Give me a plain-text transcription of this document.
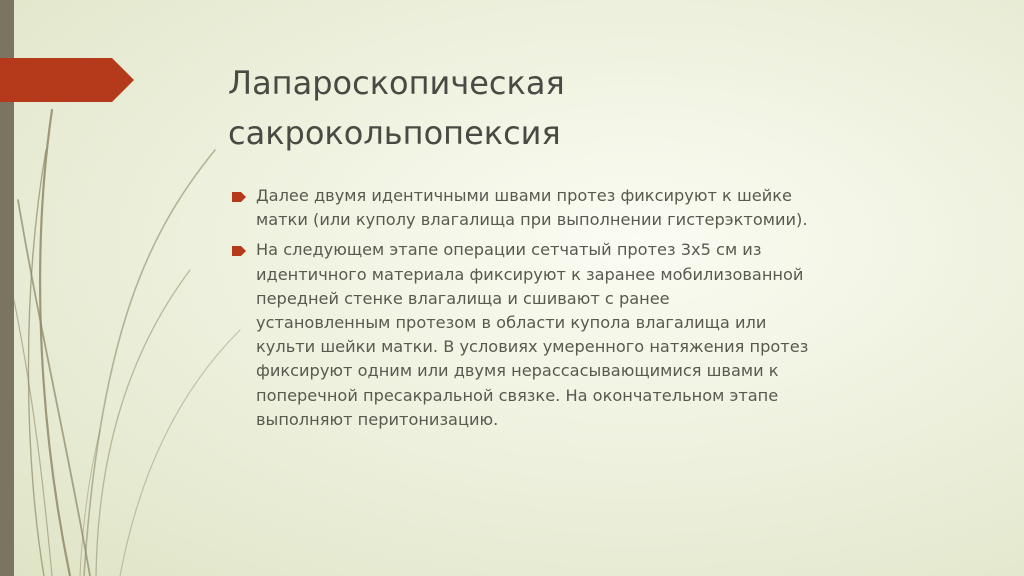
Лапароскопическая
сакрокольпопексия
Далее двумя идентичными швами протез фиксируют к шейке
матки (или куполу влагалища при выполнении гистерэктомии).
На следующем этапе операции сетчатый протез 3х5 см из
идентичного материала фиксируют к заранее мобилизованной
передней стенке влагалища и сшивают с ранее
установленным протезом в области купола влагалища или
культи шейки матки. В условиях умеренного натяжения протез
фиксируют одним или двумя нерассасывающимися швами к
поперечной пресакральной связке. На окончательном этапе
выполняют перитонизацию.
